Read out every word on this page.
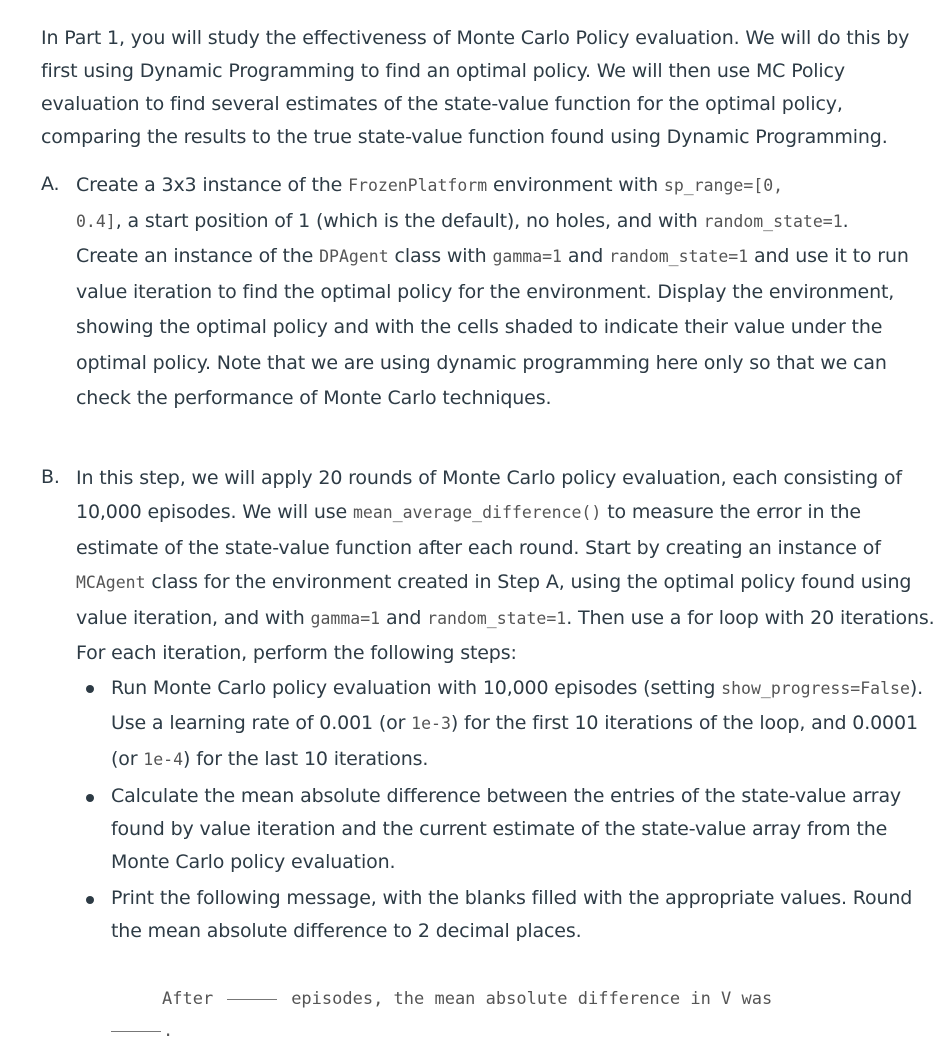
In Part 1, you will study the effectiveness of Monte Carlo Policy evaluation. We will do this by first using Dynamic Programming to find an optimal policy. We will then use MC Policy evaluation to find several estimates of the state-value function for the optimal policy, comparing the results to the true state-value function found using Dynamic Programming.

A. Create a 3x3 instance of the FrozenPlatform environment with sp_range=[0,
0.4], a start position of 1 (which is the default), no holes, and with random_state=1.
Create an instance of the DPAgent class with gamma=1 and random_state=1 and use it to run value iteration to find the optimal policy for the environment. Display the environment, showing the optimal policy and with the cells shaded to indicate their value under the optimal policy. Note that we are using dynamic programming here only so that we can check the performance of Monte Carlo techniques.

B. In this step, we will apply 20 rounds of Monte Carlo policy evaluation, each consisting of 10,000 episodes. We will use mean_average_difference() to measure the error in the estimate of the state-value function after each round. Start by creating an instance of MCAgent class for the environment created in Step A, using the optimal policy found using value iteration, and with gamma=1 and random_state=1. Then use a for loop with 20 iterations. For each iteration, perform the following steps:

Run Monte Carlo policy evaluation with 10,000 episodes (setting show_progress=False). Use a learning rate of 0.001 (or 1e-3) for the first 10 iterations of the loop, and 0.0001 (or 1e-4) for the last 10 iterations.

Calculate the mean absolute difference between the entries of the state-value array found by value iteration and the current estimate of the state-value array from the Monte Carlo policy evaluation.

Print the following message, with the blanks filled with the appropriate values. Round the mean absolute difference to 2 decimal places.

After	episodes, the mean absolute difference in V was
.
